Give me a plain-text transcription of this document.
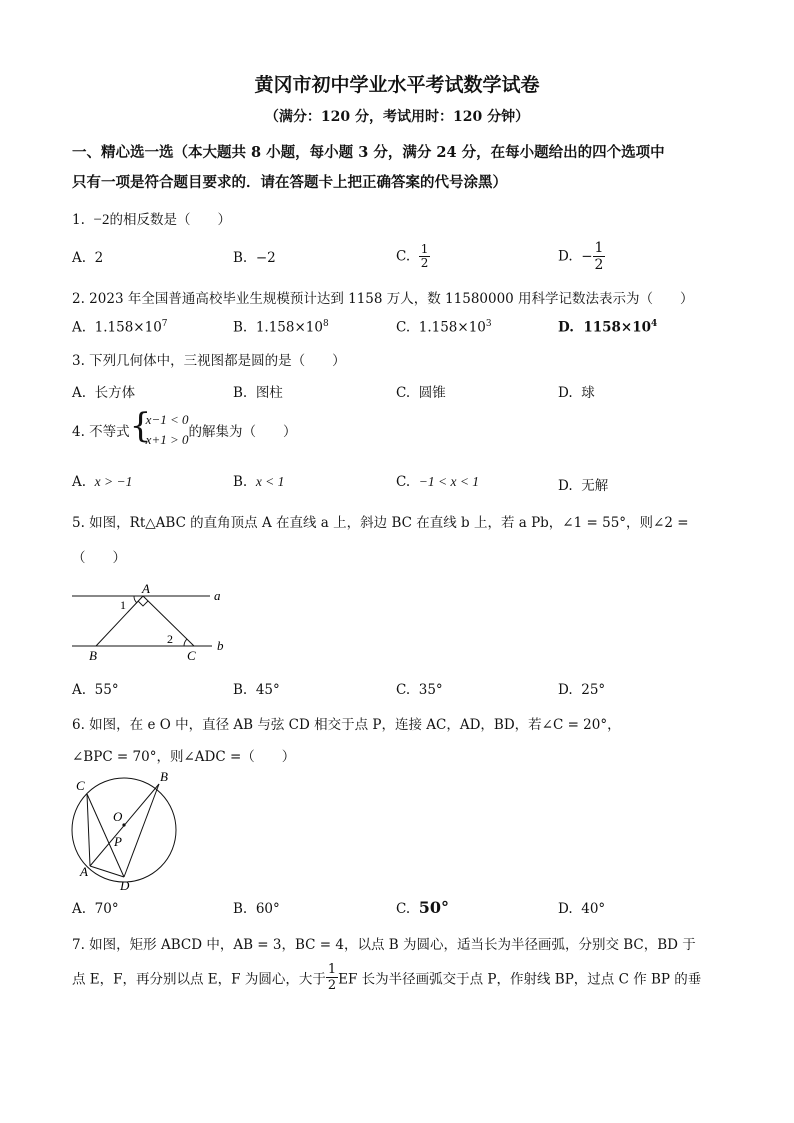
黄冈市初中学业水平考试数学试卷
（满分：120 分，考试用时：120 分钟）
一、精心选一选（本大题共 8 小题，每小题 3 分，满分 24 分，在每小题给出的四个选项中
只有一项是符合题目要求的．请在答题卡上把正确答案的代号涂黑）
1. −2的相反数是（　　）
A. 2	B. −2	C. $\frac{1}{2}$	D. − $\frac{1}{2}$
2. 2023 年全国普通高校毕业生规模预计达到 1158 万人，数 11580000 用科学记数法表示为（　　）
A. $1.158\times 10^7$	B. $1.158\times 10^8$	C. $1.158\times 10^3$	D. $1158\times 10^4$
3. 下列几何体中，三视图都是圆的是（　　）
A. 长方体	B. 图柱	C. 圆锥	D. 球
4. 不等式 {
x−1 < 0
x+1 > 0 的解集为（　　）
A. x > −1	B. x < 1	C. −1 < x < 1	D. 无解
5. 如图，Rt△ABC 的直角顶点 A 在直线 a 上，斜边 BC 在直线 b 上，若 a Pb，∠1 = 55°，则∠2 =
（　　）
A	a
b
B	C
1
2
A. 55°	B. 45°	C. 35°	D. 25°
6. 如图，在 e O 中，直径 AB 与弦 CD 相交于点 P，连接 AC，AD，BD，若∠C = 20°，
∠BPC = 70°，则∠ADC =（　　）
C
B
O
P
A
D
A. 70°	B. 60°	C. 50°	D. 40°
7. 如图，矩形 ABCD 中，AB = 3，BC = 4，以点 B 为圆心，适当长为半径画弧，分别交 BC，BD 于
点 E，F，再分别以点 E，F 为圆心，大于 $\frac{1}{2}$ EF 长为半径画弧交于点 P，作射线 BP，过点 C 作 BP 的垂
